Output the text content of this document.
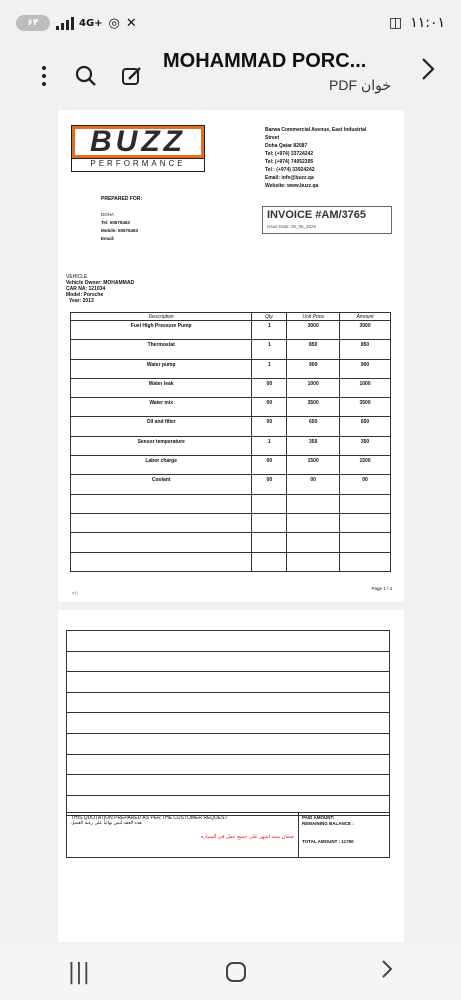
۶۴	4G+ ◎ ✕	◫ ۱۱:۰۱
MOHAMMAD PORC...
PDF خوان
BUZZ
PERFORMANCE
Barwa Commercial Avenue, East Industrial
Street
Doha Qatar 82087
Tel: (+974) 33724242
Tel: (+974) 74052395
Tel : (+974) 33924242
Email: info@buzz.qa
Website: www.buzz.qa
PREPARED FOR:
DOHA
Tel: 50675463
Mobile: 50675463
Email:
INVOICE #AM/3765
Issue Date: 05_06_2025
VEHICLE
Vehicle Owner: MOHAMMAD
CAR NA: 121034
Model: Porsche
Year: 2013
Description	Qty.	Unit Price	Amount
Fuel High Pressure Pump	1	3000	3000
Thermostat	1	850	850
Water pump	1	900	900
Water leak	00	1000	1000
Water mix	00	3500	3500
Oil and filter	00	650	650
Sensor temperature	1	350	350
Labor charge	00	1500	1500
Coolant	00	00	00

Page 1 / 3
۲/۱

THIS QUOTATION PREPARED AS PER THE CUSTOMER REQUEST
هذه العقد ليس نهائياً على رغبة العميل
ضمان ستة اشهر على جميع عمل في السياره
PAID AMOUNT:
REMAINING BALANCE :
TOTAL AMOUNT : 11750
|||
